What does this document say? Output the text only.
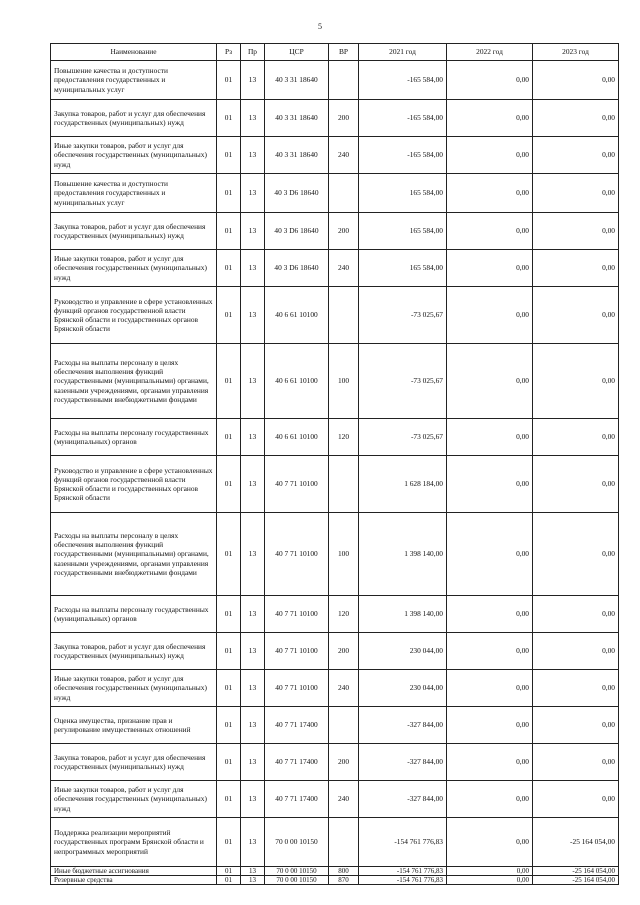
5
Наименование	Рз	Пр	ЦСР	ВР	2021 год	2022 год	2023 год
Повышение качества и доступности предоставления государственных и муниципальных услуг	01	13	40 3 31 18640		-165 584,00	0,00	0,00
Закупка товаров, работ и услуг для обеспечения государственных (муниципальных) нужд	01	13	40 3 31 18640	200	-165 584,00	0,00	0,00
Иные закупки товаров, работ и услуг для обеспечения государственных (муниципальных) нужд	01	13	40 3 31 18640	240	-165 584,00	0,00	0,00
Повышение качества и доступности предоставления государственных и муниципальных услуг	01	13	40 3 D6 18640		165 584,00	0,00	0,00
Закупка товаров, работ и услуг для обеспечения государственных (муниципальных) нужд	01	13	40 3 D6 18640	200	165 584,00	0,00	0,00
Иные закупки товаров, работ и услуг для обеспечения государственных (муниципальных) нужд	01	13	40 3 D6 18640	240	165 584,00	0,00	0,00
Руководство и управление в сфере установленных функций органов государственной власти Брянской области и государственных органов Брянской области	01	13	40 6 61 10100		-73 025,67	0,00	0,00
Расходы на выплаты персоналу в целях обеспечения выполнения функций государственными (муниципальными) органами, казенными учреждениями, органами управления государственными внебюджетными фондами	01	13	40 6 61 10100	100	-73 025,67	0,00	0,00
Расходы на выплаты персоналу государственных (муниципальных) органов	01	13	40 6 61 10100	120	-73 025,67	0,00	0,00
Руководство и управление в сфере установленных функций органов государственной власти Брянской области и государственных органов Брянской области	01	13	40 7 71 10100		1 628 184,00	0,00	0,00
Расходы на выплаты персоналу в целях обеспечения выполнения функций государственными (муниципальными) органами, казенными учреждениями, органами управления государственными внебюджетными фондами	01	13	40 7 71 10100	100	1 398 140,00	0,00	0,00
Расходы на выплаты персоналу государственных (муниципальных) органов	01	13	40 7 71 10100	120	1 398 140,00	0,00	0,00
Закупка товаров, работ и услуг для обеспечения государственных (муниципальных) нужд	01	13	40 7 71 10100	200	230 044,00	0,00	0,00
Иные закупки товаров, работ и услуг для обеспечения государственных (муниципальных) нужд	01	13	40 7 71 10100	240	230 044,00	0,00	0,00
Оценка имущества, признание прав и регулирование имущественных отношений	01	13	40 7 71 17400		-327 844,00	0,00	0,00
Закупка товаров, работ и услуг для обеспечения государственных (муниципальных) нужд	01	13	40 7 71 17400	200	-327 844,00	0,00	0,00
Иные закупки товаров, работ и услуг для обеспечения государственных (муниципальных) нужд	01	13	40 7 71 17400	240	-327 844,00	0,00	0,00
Поддержка реализации мероприятий государственных программ Брянской области и непрограммных мероприятий	01	13	70 0 00 10150		-154 761 776,83	0,00	-25 164 054,00
Иные бюджетные ассигнования	01	13	70 0 00 10150	800	-154 761 776,83	0,00	-25 164 054,00
Резервные средства	01	13	70 0 00 10150	870	-154 761 776,83	0,00	-25 164 054,00
